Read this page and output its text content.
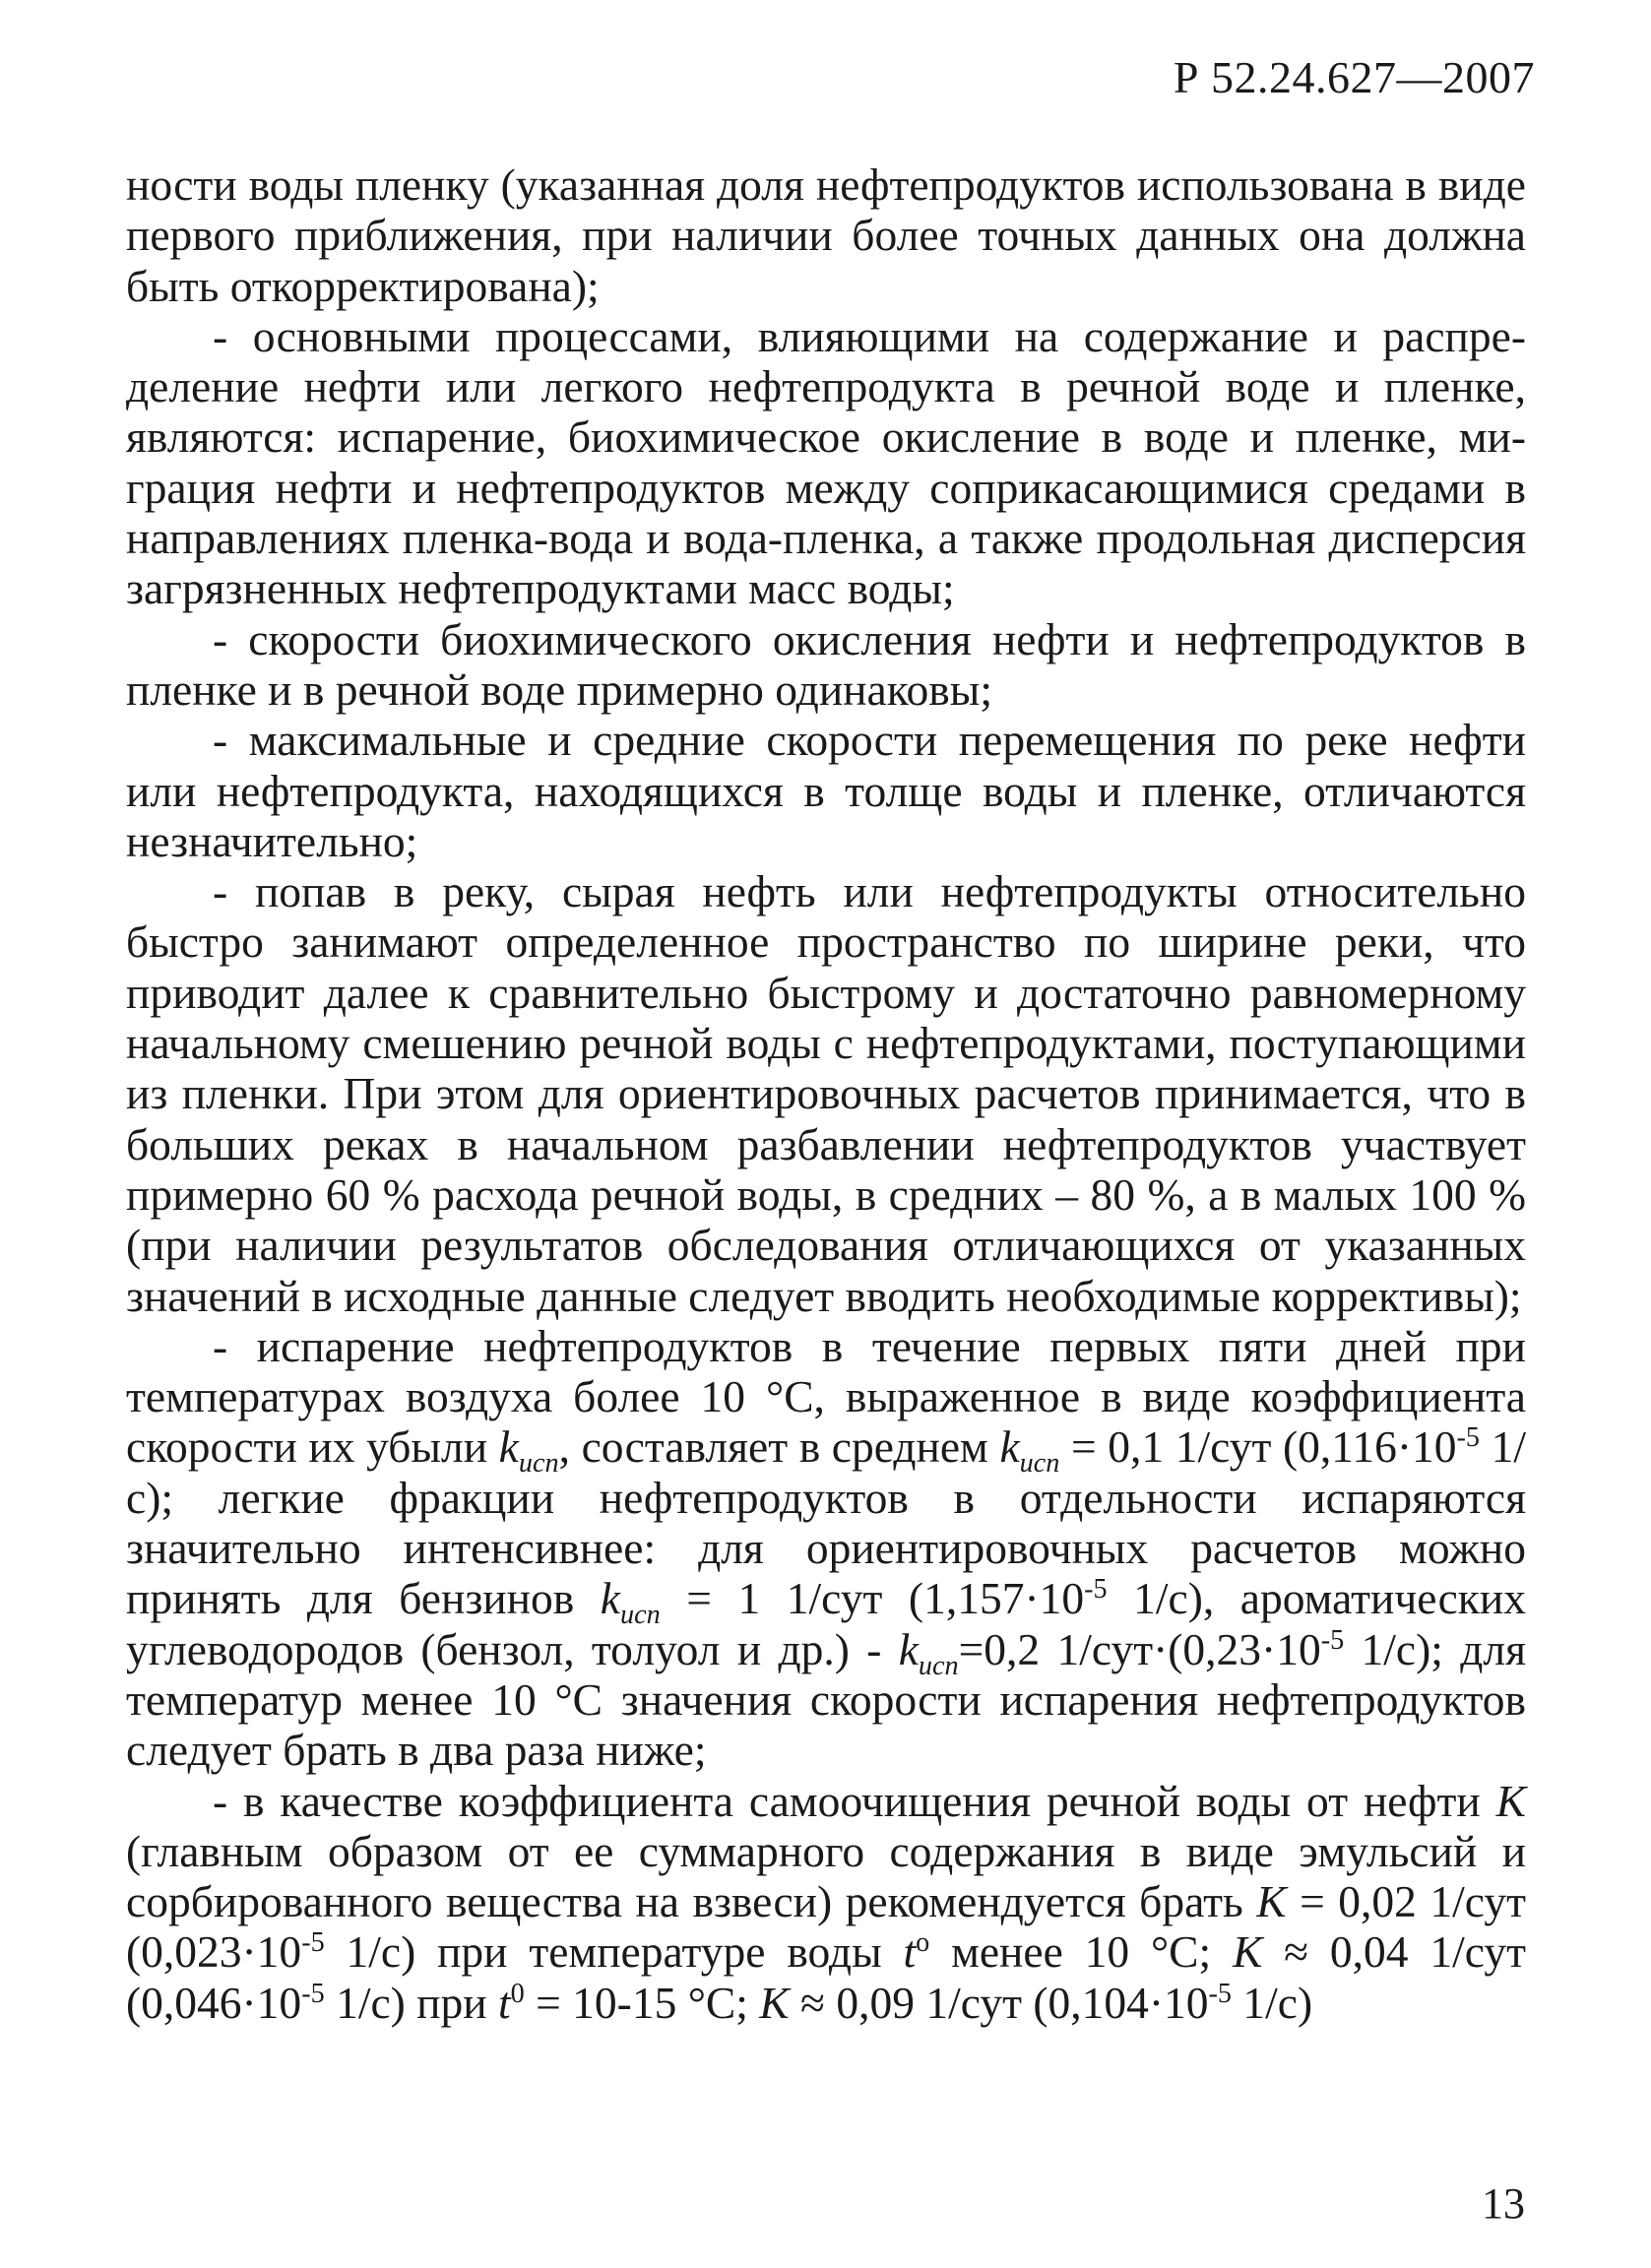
Р 52.24.627—2007

ности воды пленку (указанная доля нефтепродуктов использована в виде первого приближения, при наличии более точных данных она должна быть откорректирована);

- основными процессами, влияющими на содержание и распределение нефти или легкого нефтепродукта в речной воде и пленке, являются: испарение, биохимическое окисление в воде и пленке, миграция нефти и нефтепродуктов между соприкасающимися средами в направлениях пленка-вода и вода-пленка, а также продольная дисперсия загрязненных нефтепродуктами масс воды;

- скорости биохимического окисления нефти и нефтепродуктов в пленке и в речной воде примерно одинаковы;

- максимальные и средние скорости перемещения по реке нефти или нефтепродукта, находящихся в толще воды и пленке, отличаются незначительно;

- попав в реку, сырая нефть или нефтепродукты относительно быстро занимают определенное пространство по ширине реки, что приводит далее к сравнительно быстрому и достаточно равномерному начальному смешению речной воды с нефтепродуктами, поступающими из пленки. При этом для ориентировочных расчетов принимается, что в больших реках в начальном разбавлении нефтепродуктов участвует примерно 60 % расхода речной воды, в средних – 80 %, а в малых 100 % (при наличии результатов обследования отличающихся от указанных значений в исходные данные следует вводить необходимые коррективы);

- испарение нефтепродуктов в течение первых пяти дней при температурах воздуха более 10 °С, выраженное в виде коэффициента скорости их убыли $k_{исп}$, составляет в среднем $k_{исп} = 0,1$ 1/сут ($0,116\cdot 10^{-5}$ 1/с); легкие фракции нефтепродуктов в отдельности испаряются значительно интенсивнее: для ориентировочных расчетов можно принять для бензинов $k_{исп} = 1$ 1/сут ($1,157\cdot 10^{-5}$ 1/с), ароматических углеводородов (бензол, толуол и $др.) - k_{исп}=0,2$ $1/сут\cdot(0,23\cdot 10^{-5}$ 1/с); для температур менее 10 °С значения скорости испарения нефтепродуктов следует брать в два раза ниже;

- в качестве коэффициента самоочищения речной воды от нефти K (главным образом от ее суммарного содержания в виде эмульсий и сорбированного вещества на взвеси) рекомендуется брать K = 0,02 1/сут ($0,023\cdot 10^{-5}$ 1/с) при температуре воды $t^о$ менее 10 °С; K ≈ 0,04 1/сут ($0,046\cdot 10^{-5}$ 1/с) при $t^0 = 10-15$ °С; K ≈ 0,09 1/сут ($0,104\cdot 10^{-5}$ 1/с)

13
